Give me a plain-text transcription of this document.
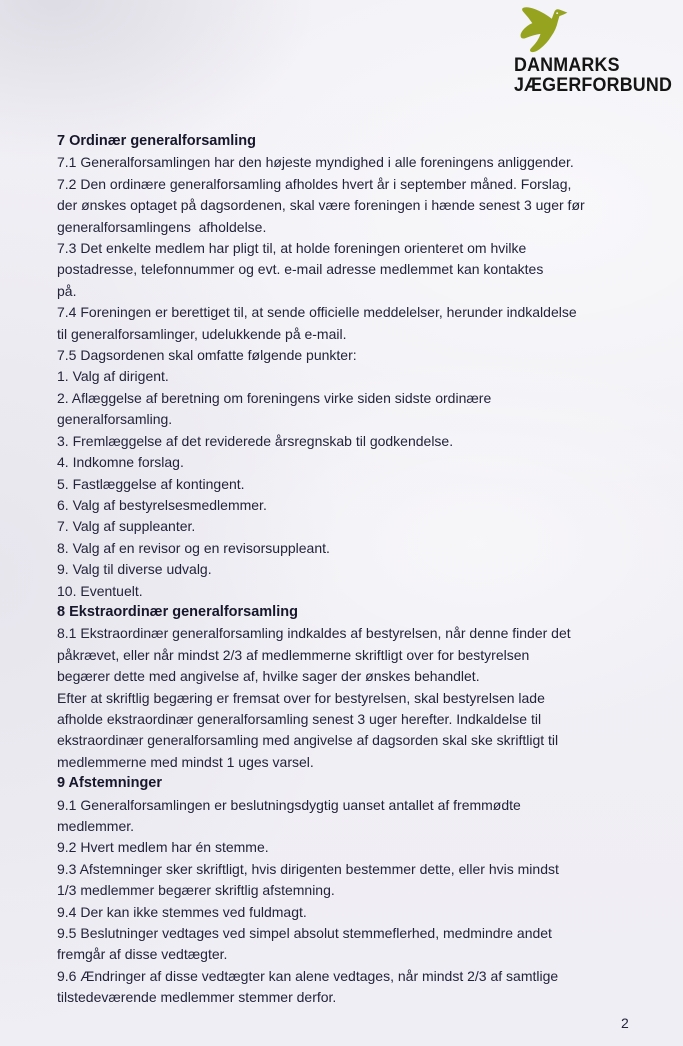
DANMARKS
JÆGERFORBUND
7 Ordinær generalforsamling
7.1 Generalforsamlingen har den højeste myndighed i alle foreningens anliggender.
7.2 Den ordinære generalforsamling afholdes hvert år i september måned. Forslag,
der ønskes optaget på dagsordenen, skal være foreningen i hænde senest 3 uger før
generalforsamlingens  afholdelse.
7.3 Det enkelte medlem har pligt til, at holde foreningen orienteret om hvilke
postadresse, telefonnummer og evt. e-mail adresse medlemmet kan kontaktes
på.
7.4 Foreningen er berettiget til, at sende officielle meddelelser, herunder indkaldelse
til generalforsamlinger, udelukkende på e-mail.
7.5 Dagsordenen skal omfatte følgende punkter:
1. Valg af dirigent.
2. Aflæggelse af beretning om foreningens virke siden sidste ordinære
generalforsamling.
3. Fremlæggelse af det reviderede årsregnskab til godkendelse.
4. Indkomne forslag.
5. Fastlæggelse af kontingent.
6. Valg af bestyrelsesmedlemmer.
7. Valg af suppleanter.
8. Valg af en revisor og en revisorsuppleant.
9. Valg til diverse udvalg.
10. Eventuelt.
8 Ekstraordinær generalforsamling
8.1 Ekstraordinær generalforsamling indkaldes af bestyrelsen, når denne finder det
påkrævet, eller når mindst 2/3 af medlemmerne skriftligt over for bestyrelsen
begærer dette med angivelse af, hvilke sager der ønskes behandlet.
Efter at skriftlig begæring er fremsat over for bestyrelsen, skal bestyrelsen lade
afholde ekstraordinær generalforsamling senest 3 uger herefter. Indkaldelse til
ekstraordinær generalforsamling med angivelse af dagsorden skal ske skriftligt til
medlemmerne med mindst 1 uges varsel.
9 Afstemninger
9.1 Generalforsamlingen er beslutningsdygtig uanset antallet af fremmødte
medlemmer.
9.2 Hvert medlem har én stemme.
9.3 Afstemninger sker skriftligt, hvis dirigenten bestemmer dette, eller hvis mindst
1/3 medlemmer begærer skriftlig afstemning.
9.4 Der kan ikke stemmes ved fuldmagt.
9.5 Beslutninger vedtages ved simpel absolut stemmeflerhed, medmindre andet
fremgår af disse vedtægter.
9.6 Ændringer af disse vedtægter kan alene vedtages, når mindst 2/3 af samtlige
tilstedeværende medlemmer stemmer derfor.
2
